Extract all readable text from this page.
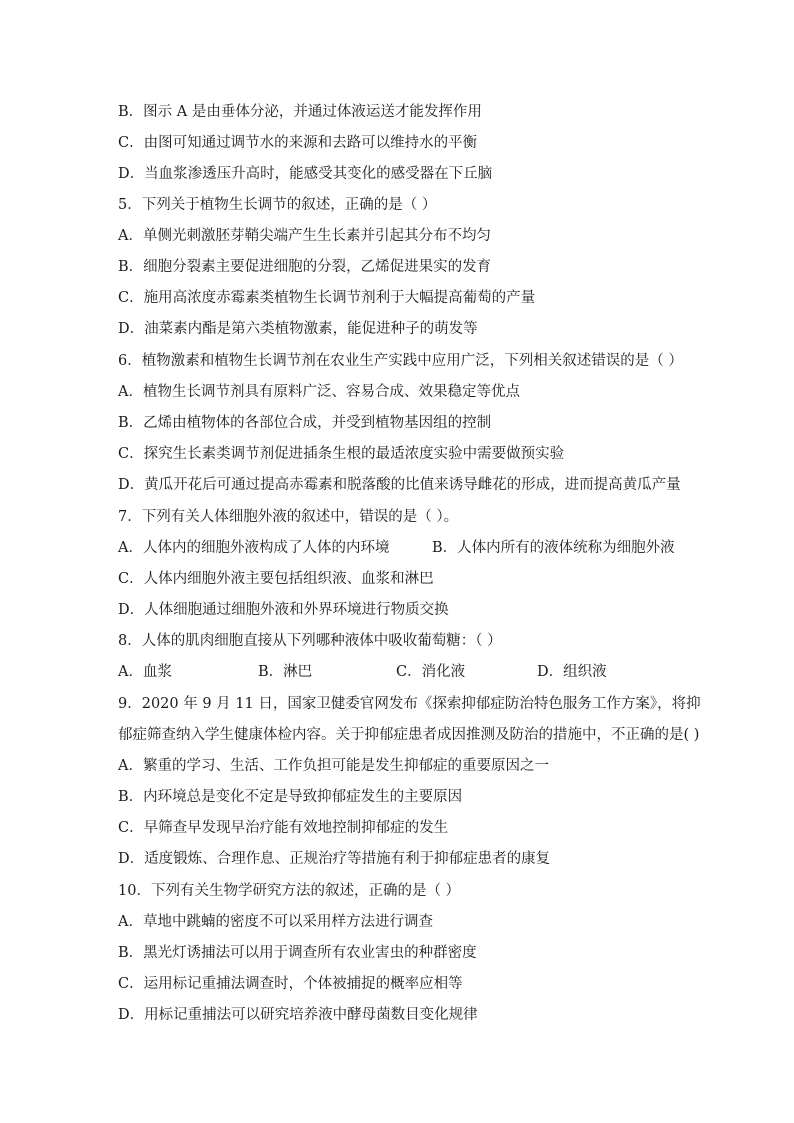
B．图示 A 是由垂体分泌，并通过体液运送才能发挥作用
C．由图可知通过调节水的来源和去路可以维持水的平衡
D．当血浆渗透压升高时，能感受其变化的感受器在下丘脑
5．下列关于植物生长调节的叙述，正确的是（ ）
A．单侧光刺激胚芽鞘尖端产生生长素并引起其分布不均匀
B．细胞分裂素主要促进细胞的分裂，乙烯促进果实的发育
C．施用高浓度赤霉素类植物生长调节剂利于大幅提高葡萄的产量
D．油菜素内酯是第六类植物激素，能促进种子的萌发等
6．植物激素和植物生长调节剂在农业生产实践中应用广泛，下列相关叙述错误的是（ ）
A．植物生长调节剂具有原料广泛、容易合成、效果稳定等优点
B．乙烯由植物体的各部位合成，并受到植物基因组的控制
C．探究生长素类调节剂促进插条生根的最适浓度实验中需要做预实验
D．黄瓜开花后可通过提高赤霉素和脱落酸的比值来诱导雌花的形成，进而提高黄瓜产量
7．下列有关人体细胞外液的叙述中，错误的是（ ）。
A．人体内的细胞外液构成了人体的内环境	B．人体内所有的液体统称为细胞外液
C．人体内细胞外液主要包括组织液、血浆和淋巴
D．人体细胞通过细胞外液和外界环境进行物质交换
8．人体的肌肉细胞直接从下列哪种液体中吸收葡萄糖：（ ）
A．血浆	B．淋巴	C．消化液	D．组织液
9．2020 年 9 月 11 日，国家卫健委官网发布《探索抑郁症防治特色服务工作方案》，将抑
郁症筛查纳入学生健康体检内容。关于抑郁症患者成因推测及防治的措施中，不正确的是( )
A．繁重的学习、生活、工作负担可能是发生抑郁症的重要原因之一
B．内环境总是变化不定是导致抑郁症发生的主要原因
C．早筛查早发现早治疗能有效地控制抑郁症的发生
D．适度锻炼、合理作息、正规治疗等措施有利于抑郁症患者的康复
10．下列有关生物学研究方法的叙述，正确的是（ ）
A．草地中跳蝻的密度不可以采用样方法进行调查
B．黑光灯诱捕法可以用于调查所有农业害虫的种群密度
C．运用标记重捕法调查时，个体被捕捉的概率应相等
D．用标记重捕法可以研究培养液中酵母菌数目变化规律
